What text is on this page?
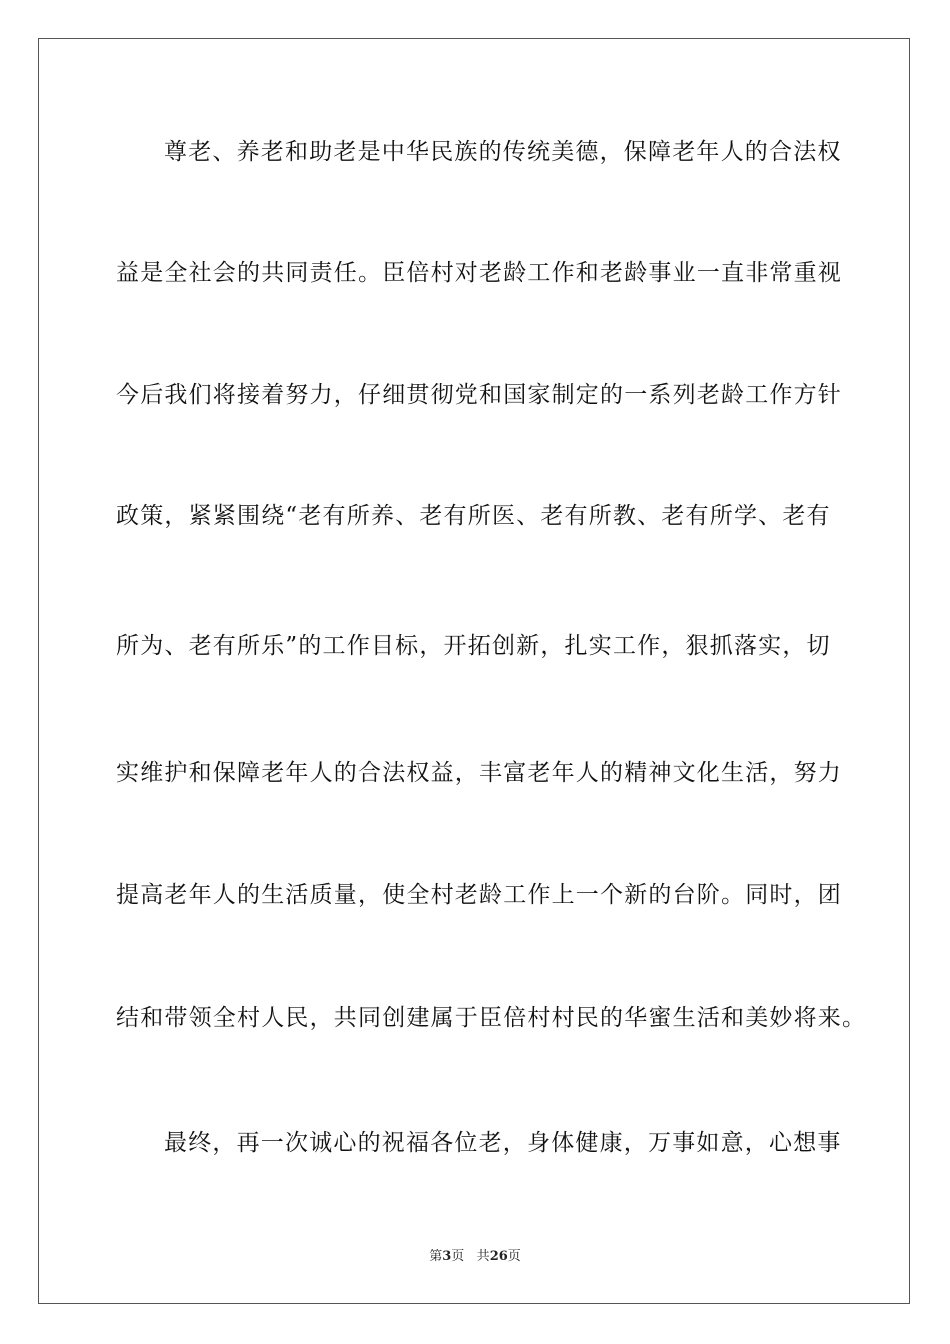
尊老、养老和助老是中华民族的传统美德，保障老年人的合法权
益是全社会的共同责任。臣倍村对老龄工作和老龄事业一直非常重视
今后我们将接着努力，仔细贯彻党和国家制定的一系列老龄工作方针
政策，紧紧围绕“老有所养、老有所医、老有所教、老有所学、老有
所为、老有所乐”的工作目标，开拓创新，扎实工作，狠抓落实，切
实维护和保障老年人的合法权益，丰富老年人的精神文化生活，努力
提高老年人的生活质量，使全村老龄工作上一个新的台阶。同时，团
结和带领全村人民，共同创建属于臣倍村村民的华蜜生活和美妙将来。
最终，再一次诚心的祝福各位老，身体健康，万事如意，心想事
第3页 共26页
